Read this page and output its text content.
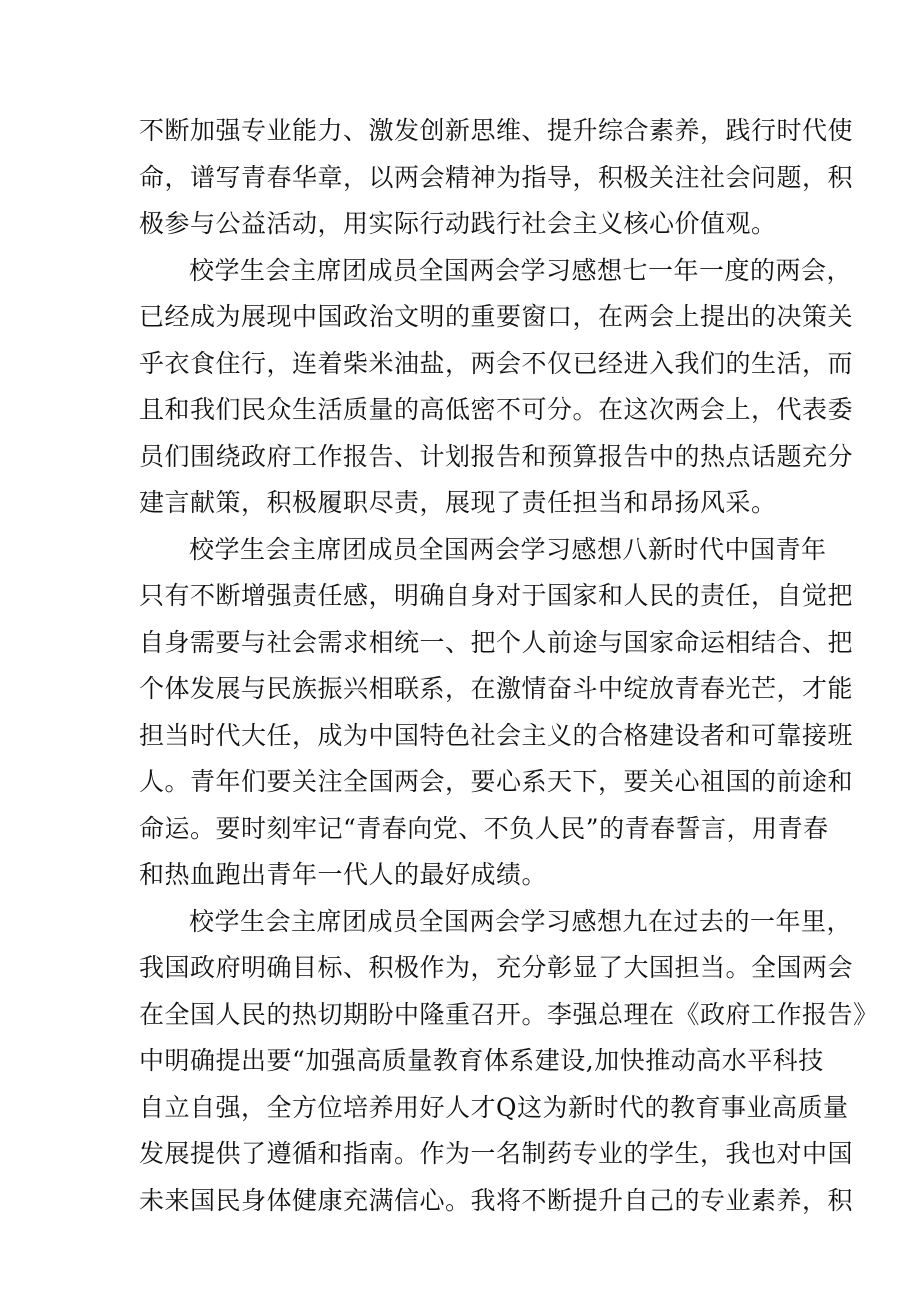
不断加强专业能力、激发创新思维、提升综合素养，践行时代使
命，谱写青春华章，以两会精神为指导，积极关注社会问题，积
极参与公益活动，用实际行动践行社会主义核心价值观。

校学生会主席团成员全国两会学习感想七一年一度的两会，
已经成为展现中国政治文明的重要窗口，在两会上提出的决策关
乎衣食住行，连着柴米油盐，两会不仅已经进入我们的生活，而
且和我们民众生活质量的高低密不可分。在这次两会上，代表委
员们围绕政府工作报告、计划报告和预算报告中的热点话题充分
建言献策，积极履职尽责，展现了责任担当和昂扬风采。

校学生会主席团成员全国两会学习感想八新时代中国青年
只有不断增强责任感，明确自身对于国家和人民的责任，自觉把
自身需要与社会需求相统一、把个人前途与国家命运相结合、把
个体发展与民族振兴相联系，在激情奋斗中绽放青春光芒，才能
担当时代大任，成为中国特色社会主义的合格建设者和可靠接班
人。青年们要关注全国两会，要心系天下，要关心祖国的前途和
命运。要时刻牢记“青春向党、不负人民”的青春誓言，用青春
和热血跑出青年一代人的最好成绩。

校学生会主席团成员全国两会学习感想九在过去的一年里，
我国政府明确目标、积极作为，充分彰显了大国担当。全国两会
在全国人民的热切期盼中隆重召开。李强总理在《政府工作报告》
中明确提出要“加强高质量教育体系建设,加快推动高水平科技
自立自强，全方位培养用好人才Q这为新时代的教育事业高质量
发展提供了遵循和指南。作为一名制药专业的学生，我也对中国
未来国民身体健康充满信心。我将不断提升自己的专业素养，积
